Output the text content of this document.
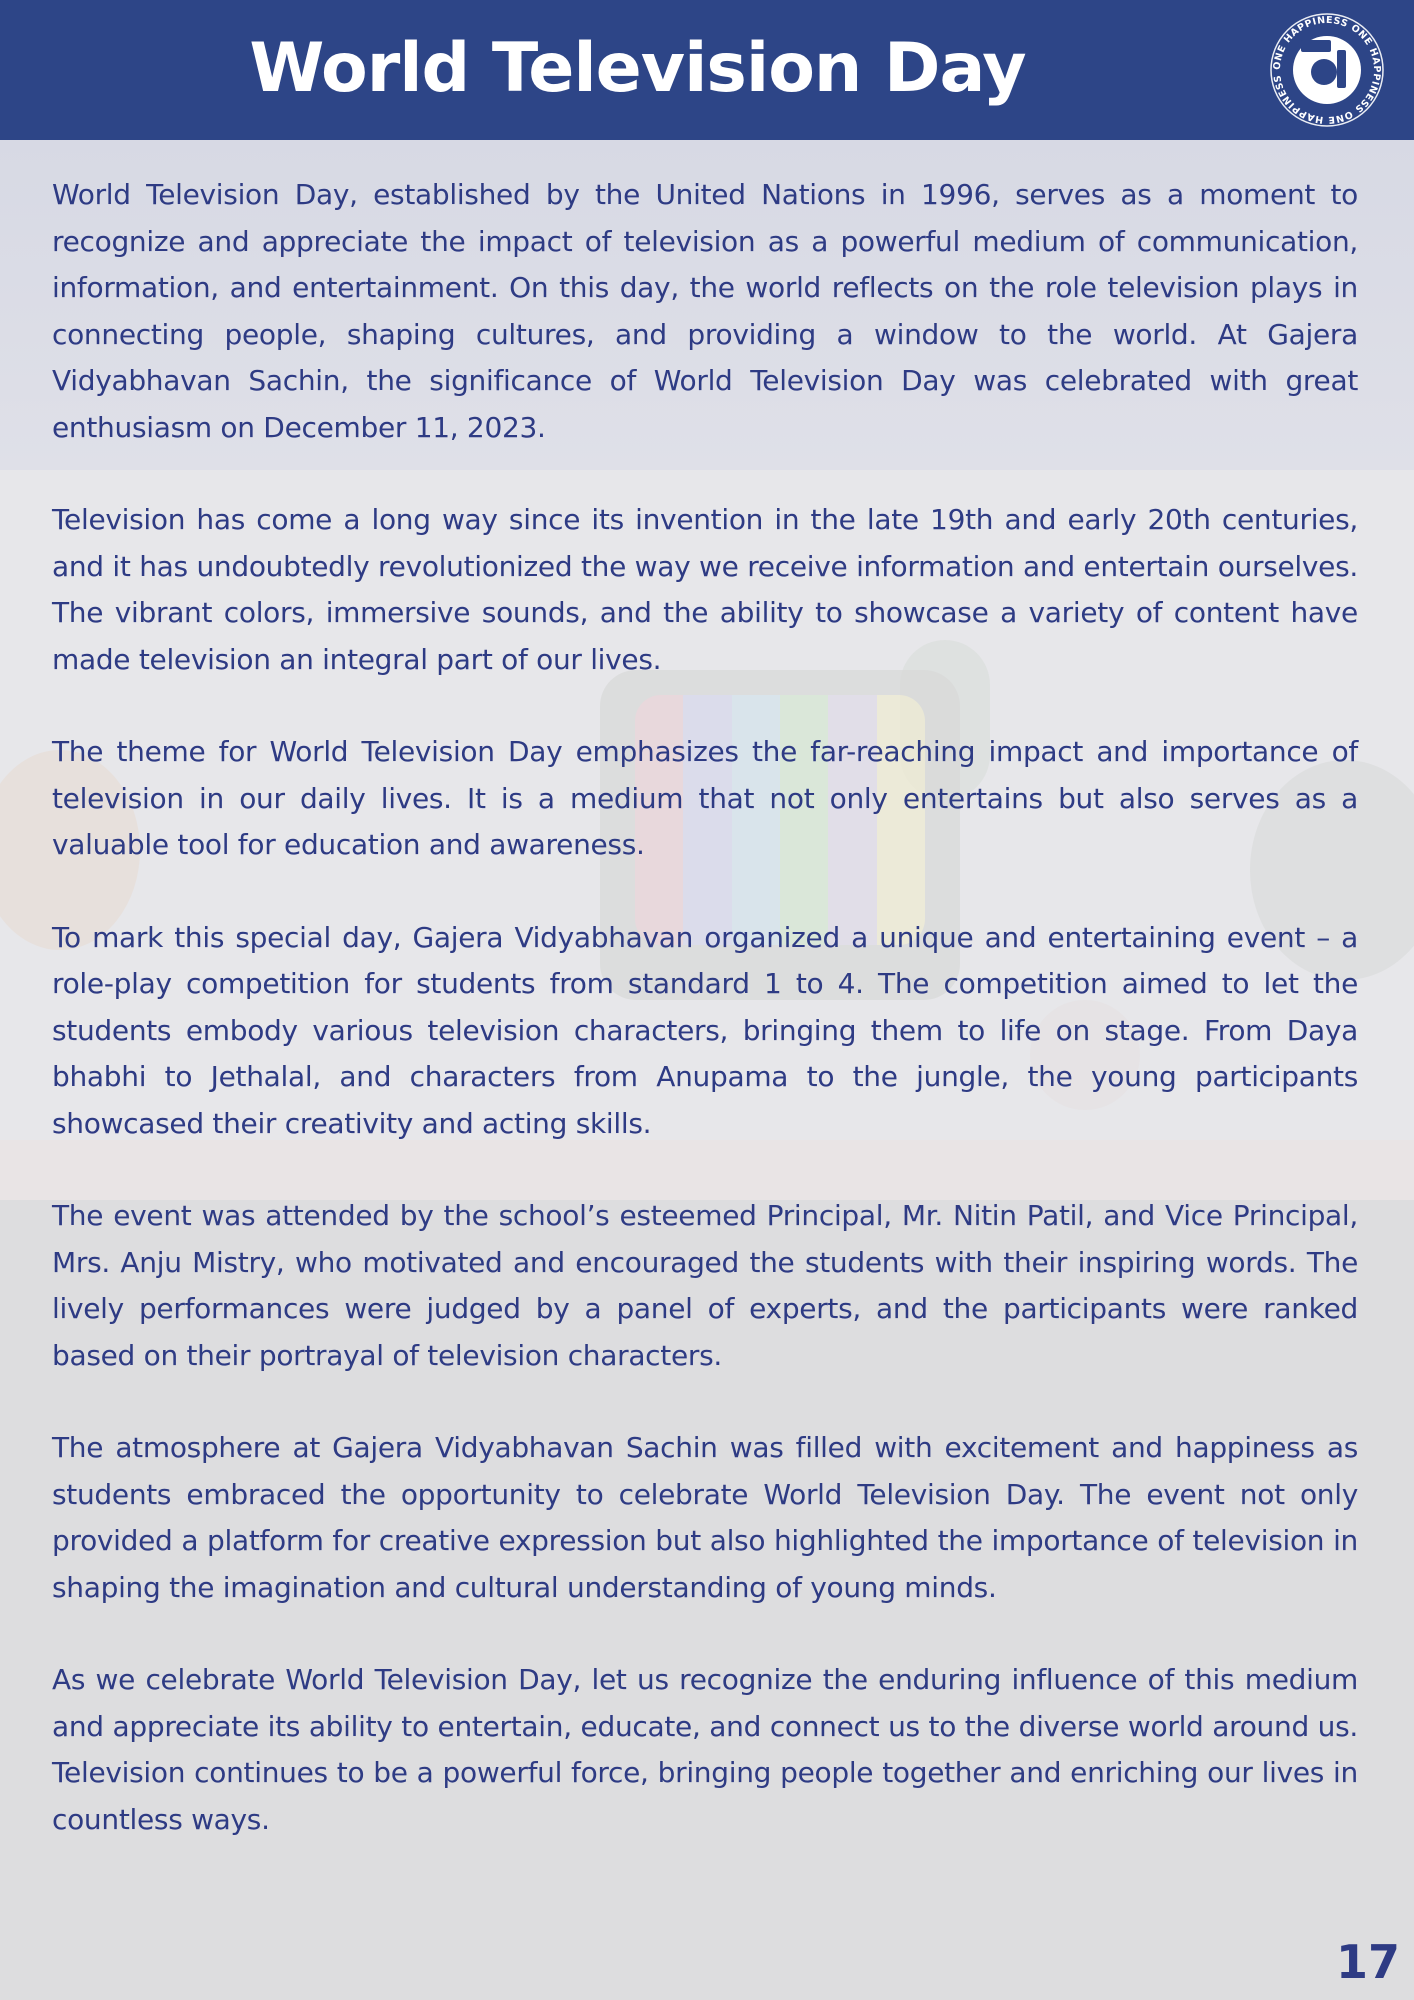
World Television Day	ONE HAPPINESS ONE HAPPINESS ONE HAPPINESS

World Television Day, established by the United Nations in 1996, serves as a moment to recognize and appreciate the impact of television as a powerful medium of communication, information, and entertainment. On this day, the world reflects on the role television plays in connecting people, shaping cultures, and providing a window to the world. At Gajera Vidyabhavan Sachin, the significance of World Television Day was celebrated with great enthusiasm on December 11, 2023.

Television has come a long way since its invention in the late 19th and early 20th centuries, and it has undoubtedly revolutionized the way we receive information and entertain ourselves. The vibrant colors, immersive sounds, and the ability to showcase a variety of content have made television an integral part of our lives.

The theme for World Television Day emphasizes the far-reaching impact and importance of television in our daily lives. It is a medium that not only entertains but also serves as a valuable tool for education and awareness.

To mark this special day, Gajera Vidyabhavan organized a unique and entertaining event – a role-play competition for students from standard 1 to 4. The competition aimed to let the students embody various television characters, bringing them to life on stage. From Daya bhabhi to Jethalal, and characters from Anupama to the jungle, the young participants showcased their creativity and acting skills.

The event was attended by the school’s esteemed Principal, Mr. Nitin Patil, and Vice Principal, Mrs. Anju Mistry, who motivated and encouraged the students with their inspiring words. The lively performances were judged by a panel of experts, and the participants were ranked based on their portrayal of television characters.

The atmosphere at Gajera Vidyabhavan Sachin was filled with excitement and happiness as students embraced the opportunity to celebrate World Television Day. The event not only provided a platform for creative expression but also highlighted the importance of television in shaping the imagination and cultural understanding of young minds.

As we celebrate World Television Day, let us recognize the enduring influence of this medium and appreciate its ability to entertain, educate, and connect us to the diverse world around us. Television continues to be a powerful force, bringing people together and enriching our lives in countless ways.

17
